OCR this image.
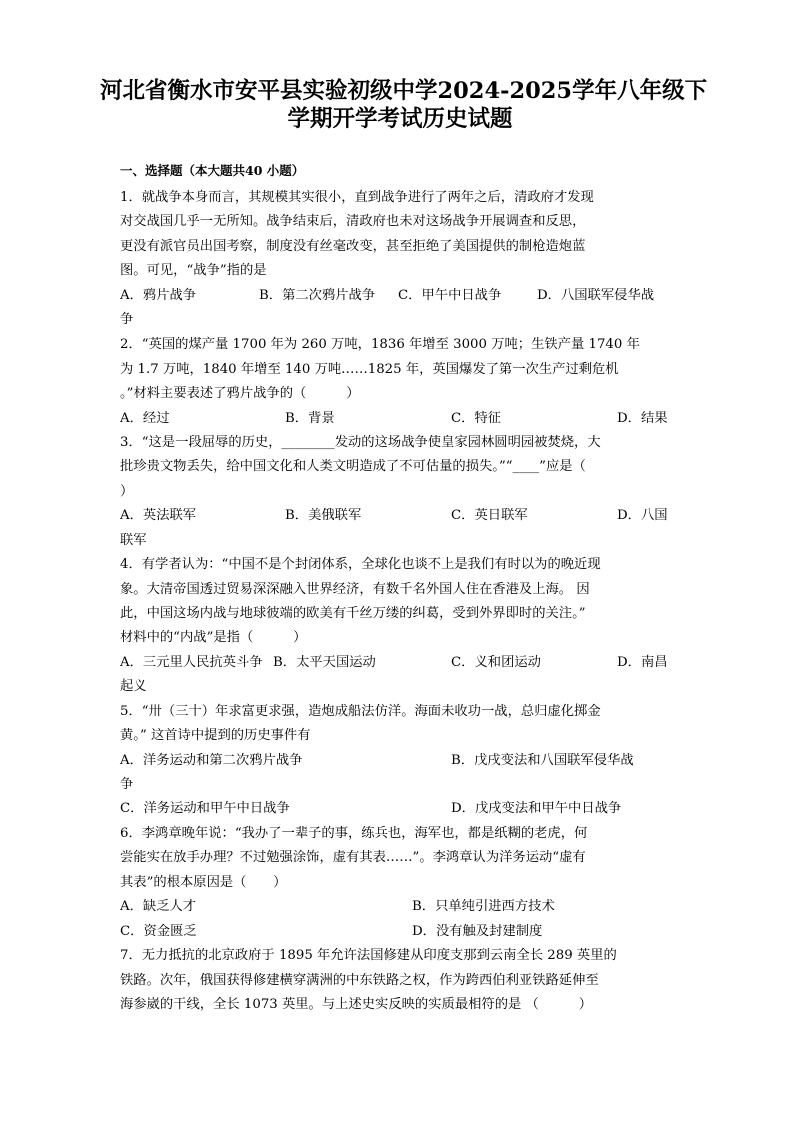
河北省衡水市安平县实验初级中学2024-2025学年八年级下
学期开学考试历史试题
一、选择题（本大题共40 小题）
1．就战争本身而言，其规模其实很小，直到战争进行了两年之后，清政府才发现
对交战国几乎一无所知。战争结束后，清政府也未对这场战争开展调查和反思，
更没有派官员出国考察，制度没有丝毫改变，甚至拒绝了美国提供的制枪造炮蓝
图。可见，“战争”指的是
A．鸦片战争	B．第二次鸦片战争 C．甲午中日战争	D．八国联军侵华战
争
2．“英国的煤产量 1700 年为 260 万吨，1836 年增至 3000 万吨；生铁产量 1740 年
为 1.7 万吨，1840 年增至 140 万吨……1825 年，英国爆发了第一次生产过剩危机
。”材料主要表述了鸦片战争的（　　　）
A．经过	B．背景	C．特征	D．结果
3．“这是一段屈辱的历史，________发动的这场战争使皇家园林圆明园被焚烧，大
批珍贵文物丢失，给中国文化和人类文明造成了不可估量的损失。”“____”应是（
）
A．英法联军	B．美俄联军	C．英日联军	D．八国
联军
4．有学者认为：“中国不是个封闭体系，全球化也谈不上是我们有时以为的晚近现
象。大清帝国透过贸易深深融入世界经济，有数千名外国人住在香港及上海。 因
此，中国这场内战与地球彼端的欧美有千丝万缕的纠葛，受到外界即时的关注。”
材料中的“内战”是指（　　　）
A．三元里人民抗英斗争 B．太平天国运动	C．义和团运动	D．南昌
起义
5．“卅（三十）年求富更求强，造炮成船法仿洋。海面未收功一战，总归虚化掷金
黄。” 这首诗中提到的历史事件有
A．洋务运动和第二次鸦片战争	B．戊戌变法和八国联军侵华战
争
C．洋务运动和甲午中日战争	D．戊戌变法和甲午中日战争
6．李鸿章晚年说：“我办了一辈子的事，练兵也，海军也，都是纸糊的老虎，何
尝能实在放手办理？不过勉强涂饰，虚有其表……”。李鸿章认为洋务运动“虚有
其表”的根本原因是（　　）
A．缺乏人才	B．只单纯引进西方技术
C．资金匮乏	D．没有触及封建制度
7．无力抵抗的北京政府于 1895 年允许法国修建从印度支那到云南全长 289 英里的
铁路。次年，俄国获得修建横穿满洲的中东铁路之权，作为跨西伯利亚铁路延伸至
海参崴的干线，全长 1073 英里。与上述史实反映的实质最相符的是 （　　　）
